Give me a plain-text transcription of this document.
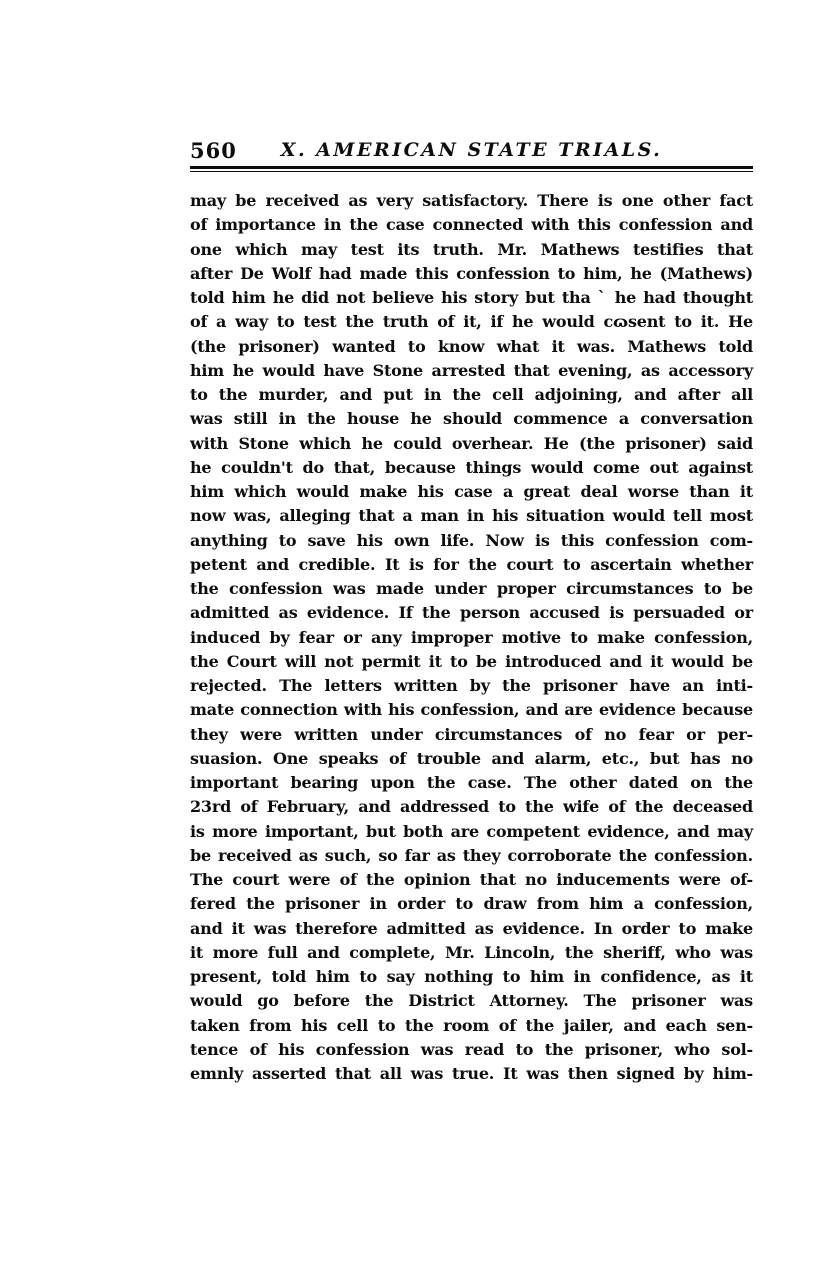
560	X. AMERICAN STATE TRIALS.
may be received as very satisfactory. There is one other fact
of importance in the case connected with this confession and
one which may test its truth. Mr. Mathews testifies that
after De Wolf had made this confession to him, he (Mathews)
told him he did not believe his story but tha ˋ he had thought
of a way to test the truth of it, if he would cɷsent to it. He
(the prisoner) wanted to know what it was. Mathews told
him he would have Stone arrested that evening, as accessory
to the murder, and put in the cell adjoining, and after all
was still in the house he should commence a conversation
with Stone which he could overhear. He (the prisoner) said
he couldn't do that, because things would come out against
him which would make his case a great deal worse than it
now was, alleging that a man in his situation would tell most
anything to save his own life. Now is this confession com-
petent and credible. It is for the court to ascertain whether
the confession was made under proper circumstances to be
admitted as evidence. If the person accused is persuaded or
induced by fear or any improper motive to make confession,
the Court will not permit it to be introduced and it would be
rejected. The letters written by the prisoner have an inti-
mate connection with his confession, and are evidence because
they were written under circumstances of no fear or per-
suasion. One speaks of trouble and alarm, etc., but has no
important bearing upon the case. The other dated on the
23rd of February, and addressed to the wife of the deceased
is more important, but both are competent evidence, and may
be received as such, so far as they corroborate the confession.
The court were of the opinion that no inducements were of-
fered the prisoner in order to draw from him a confession,
and it was therefore admitted as evidence. In order to make
it more full and complete, Mr. Lincoln, the sheriff, who was
present, told him to say nothing to him in confidence, as it
would go before the District Attorney. The prisoner was
taken from his cell to the room of the jailer, and each sen-
tence of his confession was read to the prisoner, who sol-
emnly asserted that all was true. It was then signed by him-
